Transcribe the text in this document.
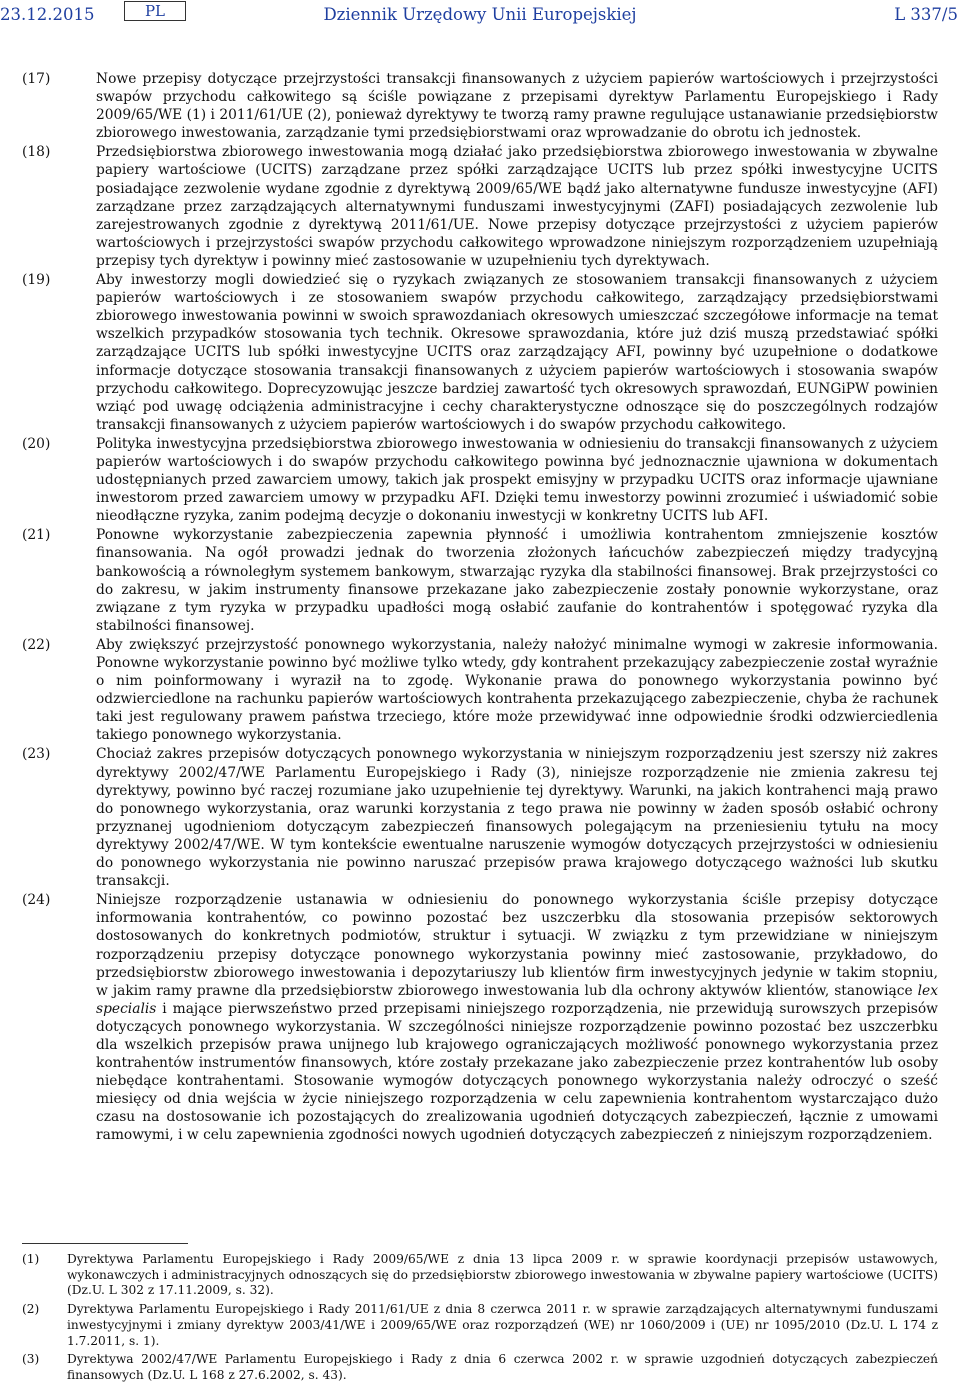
23.12.2015	PL	Dziennik Urzędowy Unii Europejskiej	L 337/5
(17)	Nowe przepisy dotyczące przejrzystości transakcji finansowanych z użyciem papierów wartościowych i przejrzystości swapów przychodu całkowitego są ściśle powiązane z przepisami dyrektyw Parlamentu Europejskiego i Rady 2009/65/WE (1) i 2011/61/UE (2), ponieważ dyrektywy te tworzą ramy prawne regulujące ustanawianie przedsiębiorstw zbiorowego inwestowania, zarządzanie tymi przedsiębiorstwami oraz wprowadzanie do obrotu ich jednostek.
(18)	Przedsiębiorstwa zbiorowego inwestowania mogą działać jako przedsiębiorstwa zbiorowego inwestowania w zbywalne papiery wartościowe (UCITS) zarządzane przez spółki zarządzające UCITS lub przez spółki inwestycyjne UCITS posiadające zezwolenie wydane zgodnie z dyrektywą 2009/65/WE bądź jako alternatywne fundusze inwestycyjne (AFI) zarządzane przez zarządzających alternatywnymi funduszami inwestycyjnymi (ZAFI) posiadających zezwolenie lub zarejestrowanych zgodnie z dyrektywą 2011/61/UE. Nowe przepisy dotyczące przejrzystości z użyciem papierów wartościowych i przejrzystości swapów przychodu całkowitego wprowadzone niniejszym rozporządzeniem uzupełniają przepisy tych dyrektyw i powinny mieć zastosowanie w uzupełnieniu tych dyrektywach.
(19)	Aby inwestorzy mogli dowiedzieć się o ryzykach związanych ze stosowaniem transakcji finansowanych z użyciem papierów wartościowych i ze stosowaniem swapów przychodu całkowitego, zarządzający przedsiębiorstwami zbiorowego inwestowania powinni w swoich sprawozdaniach okresowych umieszczać szczegółowe informacje na temat wszelkich przypadków stosowania tych technik. Okresowe sprawozdania, które już dziś muszą przedstawiać spółki zarządzające UCITS lub spółki inwestycyjne UCITS oraz zarządzający AFI, powinny być uzupełnione o dodatkowe informacje dotyczące stosowania transakcji finansowanych z użyciem papierów wartościowych i stosowania swapów przychodu całkowitego. Doprecyzowując jeszcze bardziej zawartość tych okresowych sprawozdań, EUNGiPW powinien wziąć pod uwagę odciążenia administracyjne i cechy charakterystyczne odnoszące się do poszczególnych rodzajów transakcji finansowanych z użyciem papierów wartościowych i do swapów przychodu całkowitego.
(20)	Polityka inwestycyjna przedsiębiorstwa zbiorowego inwestowania w odniesieniu do transakcji finansowanych z użyciem papierów wartościowych i do swapów przychodu całkowitego powinna być jednoznacznie ujawniona w dokumentach udostępnianych przed zawarciem umowy, takich jak prospekt emisyjny w przypadku UCITS oraz informacje ujawniane inwestorom przed zawarciem umowy w przypadku AFI. Dzięki temu inwestorzy powinni zrozumieć i uświadomić sobie nieodłączne ryzyka, zanim podejmą decyzje o dokonaniu inwestycji w konkretny UCITS lub AFI.
(21)	Ponowne wykorzystanie zabezpieczenia zapewnia płynność i umożliwia kontrahentom zmniejszenie kosztów finansowania. Na ogół prowadzi jednak do tworzenia złożonych łańcuchów zabezpieczeń między tradycyjną bankowością a równoległym systemem bankowym, stwarzając ryzyka dla stabilności finansowej. Brak przejrzystości co do zakresu, w jakim instrumenty finansowe przekazane jako zabezpieczenie zostały ponownie wykorzystane, oraz związane z tym ryzyka w przypadku upadłości mogą osłabić zaufanie do kontrahentów i spotęgować ryzyka dla stabilności finansowej.
(22)	Aby zwiększyć przejrzystość ponownego wykorzystania, należy nałożyć minimalne wymogi w zakresie informowania. Ponowne wykorzystanie powinno być możliwe tylko wtedy, gdy kontrahent przekazujący zabezpieczenie został wyraźnie o nim poinformowany i wyraził na to zgodę. Wykonanie prawa do ponownego wykorzystania powinno być odzwierciedlone na rachunku papierów wartościowych kontrahenta przekazującego zabezpieczenie, chyba że rachunek taki jest regulowany prawem państwa trzeciego, które może przewidywać inne odpowiednie środki odzwierciedlenia takiego ponownego wykorzystania.
(23)	Chociaż zakres przepisów dotyczących ponownego wykorzystania w niniejszym rozporządzeniu jest szerszy niż zakres dyrektywy 2002/47/WE Parlamentu Europejskiego i Rady (3), niniejsze rozporządzenie nie zmienia zakresu tej dyrektywy, powinno być raczej rozumiane jako uzupełnienie tej dyrektywy. Warunki, na jakich kontrahenci mają prawo do ponownego wykorzystania, oraz warunki korzystania z tego prawa nie powinny w żaden sposób osłabić ochrony przyznanej ugodnieniom dotyczącym zabezpieczeń finansowych polegającym na przeniesieniu tytułu na mocy dyrektywy 2002/47/WE. W tym kontekście ewentualne naruszenie wymogów dotyczących przejrzystości w odniesieniu do ponownego wykorzystania nie powinno naruszać przepisów prawa krajowego dotyczącego ważności lub skutku transakcji.
(24)	Niniejsze rozporządzenie ustanawia w odniesieniu do ponownego wykorzystania ściśle przepisy dotyczące informowania kontrahentów, co powinno pozostać bez uszczerbku dla stosowania przepisów sektorowych dostosowanych do konkretnych podmiotów, struktur i sytuacji. W związku z tym przewidziane w niniejszym rozporządzeniu przepisy dotyczące ponownego wykorzystania powinny mieć zastosowanie, przykładowo, do przedsiębiorstw zbiorowego inwestowania i depozytariuszy lub klientów firm inwestycyjnych jedynie w takim stopniu, w jakim ramy prawne dla przedsiębiorstw zbiorowego inwestowania lub dla ochrony aktywów klientów, stanowiące lex specialis i mające pierwszeństwo przed przepisami niniejszego rozporządzenia, nie przewidują surowszych przepisów dotyczących ponownego wykorzystania. W szczególności niniejsze rozporządzenie powinno pozostać bez uszczerbku dla wszelkich przepisów prawa unijnego lub krajowego ograniczających możliwość ponownego wykorzystania przez kontrahentów instrumentów finansowych, które zostały przekazane jako zabezpieczenie przez kontrahentów lub osoby niebędące kontrahentami. Stosowanie wymogów dotyczących ponownego wykorzystania należy odroczyć o sześć miesięcy od dnia wejścia w życie niniejszego rozporządzenia w celu zapewnienia kontrahentom wystarczająco dużo czasu na dostosowanie ich pozostających do zrealizowania ugodnień dotyczących zabezpieczeń, łącznie z umowami ramowymi, i w celu zapewnienia zgodności nowych ugodnień dotyczących zabezpieczeń z niniejszym rozporządzeniem.
(1)	Dyrektywa Parlamentu Europejskiego i Rady 2009/65/WE z dnia 13 lipca 2009 r. w sprawie koordynacji przepisów ustawowych, wykonawczych i administracyjnych odnoszących się do przedsiębiorstw zbiorowego inwestowania w zbywalne papiery wartościowe (UCITS) (Dz.U. L 302 z 17.11.2009, s. 32).
(2)	Dyrektywa Parlamentu Europejskiego i Rady 2011/61/UE z dnia 8 czerwca 2011 r. w sprawie zarządzających alternatywnymi funduszami inwestycyjnymi i zmiany dyrektyw 2003/41/WE i 2009/65/WE oraz rozporządzeń (WE) nr 1060/2009 i (UE) nr 1095/2010 (Dz.U. L 174 z 1.7.2011, s. 1).
(3)	Dyrektywa 2002/47/WE Parlamentu Europejskiego i Rady z dnia 6 czerwca 2002 r. w sprawie uzgodnień dotyczących zabezpieczeń finansowych (Dz.U. L 168 z 27.6.2002, s. 43).
